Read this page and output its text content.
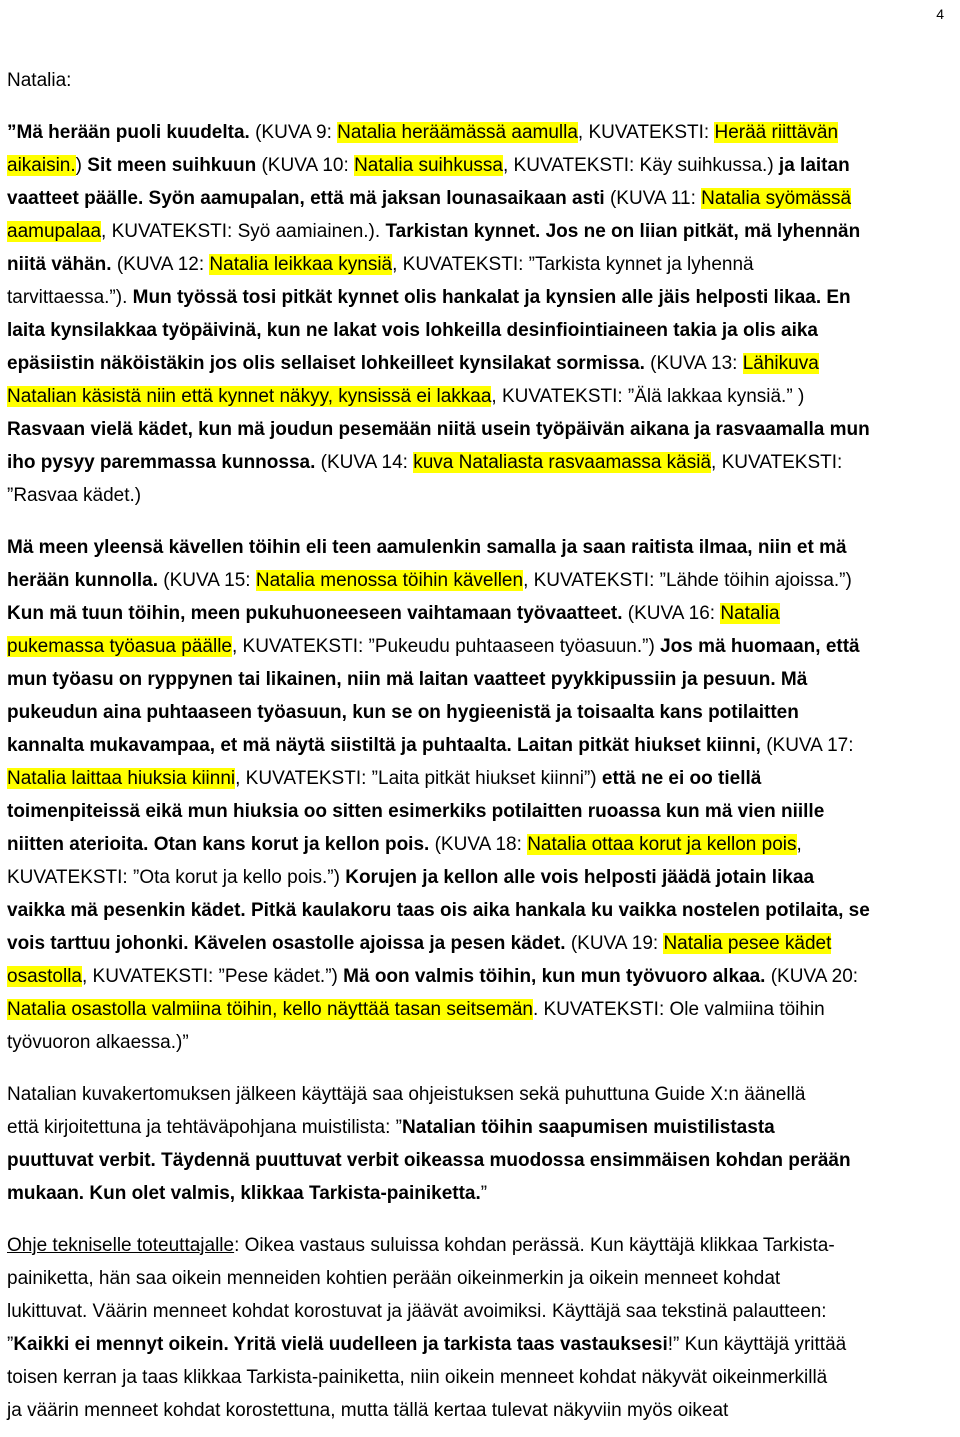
4
Natalia:
”Mä herään puoli kuudelta. (KUVA 9: Natalia heräämässä aamulla, KUVATEKSTI: Herää riittävän
aikaisin.) Sit meen suihkuun (KUVA 10: Natalia suihkussa, KUVATEKSTI: Käy suihkussa.) ja laitan
vaatteet päälle. Syön aamupalan, että mä jaksan lounasaikaan asti (KUVA 11: Natalia syömässä
aamupalaa, KUVATEKSTI: Syö aamiainen.). Tarkistan kynnet. Jos ne on liian pitkät, mä lyhennän
niitä vähän. (KUVA 12: Natalia leikkaa kynsiä, KUVATEKSTI: ”Tarkista kynnet ja lyhennä
tarvittaessa.”). Mun työssä tosi pitkät kynnet olis hankalat ja kynsien alle jäis helposti likaa. En
laita kynsilakkaa työpäivinä, kun ne lakat vois lohkeilla desinfiointiaineen takia ja olis aika
epäsiistin näköistäkin jos olis sellaiset lohkeilleet kynsilakat sormissa. (KUVA 13: Lähikuva
Natalian käsistä niin että kynnet näkyy, kynsissä ei lakkaa, KUVATEKSTI: ”Älä lakkaa kynsiä.” )
Rasvaan vielä kädet, kun mä joudun pesemään niitä usein työpäivän aikana ja rasvaamalla mun
iho pysyy paremmassa kunnossa. (KUVA 14: kuva Nataliasta rasvaamassa käsiä, KUVATEKSTI:
”Rasvaa kädet.)
Mä meen yleensä kävellen töihin eli teen aamulenkin samalla ja saan raitista ilmaa, niin et mä
herään kunnolla. (KUVA 15: Natalia menossa töihin kävellen, KUVATEKSTI: ”Lähde töihin ajoissa.”)
Kun mä tuun töihin, meen pukuhuoneeseen vaihtamaan työvaatteet. (KUVA 16: Natalia
pukemassa työasua päälle, KUVATEKSTI: ”Pukeudu puhtaaseen työasuun.”) Jos mä huomaan, että
mun työasu on ryppynen tai likainen, niin mä laitan vaatteet pyykkipussiin ja pesuun. Mä
pukeudun aina puhtaaseen työasuun, kun se on hygieenistä ja toisaalta kans potilaitten
kannalta mukavampaa, et mä näytä siistiltä ja puhtaalta. Laitan pitkät hiukset kiinni, (KUVA 17:
Natalia laittaa hiuksia kiinni, KUVATEKSTI: ”Laita pitkät hiukset kiinni”) että ne ei oo tiellä
toimenpiteissä eikä mun hiuksia oo sitten esimerkiks potilaitten ruoassa kun mä vien niille
niitten aterioita. Otan kans korut ja kellon pois. (KUVA 18: Natalia ottaa korut ja kellon pois,
KUVATEKSTI: ”Ota korut ja kello pois.”) Korujen ja kellon alle vois helposti jäädä jotain likaa
vaikka mä pesenkin kädet. Pitkä kaulakoru taas ois aika hankala ku vaikka nostelen potilaita, se
vois tarttuu johonki. Kävelen osastolle ajoissa ja pesen kädet. (KUVA 19: Natalia pesee kädet
osastolla, KUVATEKSTI: ”Pese kädet.”) Mä oon valmis töihin, kun mun työvuoro alkaa. (KUVA 20:
Natalia osastolla valmiina töihin, kello näyttää tasan seitsemän. KUVATEKSTI: Ole valmiina töihin
työvuoron alkaessa.)”
Natalian kuvakertomuksen jälkeen käyttäjä saa ohjeistuksen sekä puhuttuna Guide X:n äänellä
että kirjoitettuna ja tehtäväpohjana muistilista: ”Natalian töihin saapumisen muistilistasta
puuttuvat verbit. Täydennä puuttuvat verbit oikeassa muodossa ensimmäisen kohdan perään
mukaan. Kun olet valmis, klikkaa Tarkista-painiketta.”
Ohje tekniselle toteuttajalle: Oikea vastaus suluissa kohdan perässä. Kun käyttäjä klikkaa Tarkista-
painiketta, hän saa oikein menneiden kohtien perään oikeinmerkin ja oikein menneet kohdat
lukittuvat. Väärin menneet kohdat korostuvat ja jäävät avoimiksi. Käyttäjä saa tekstinä palautteen:
”Kaikki ei mennyt oikein. Yritä vielä uudelleen ja tarkista taas vastauksesi!” Kun käyttäjä yrittää
toisen kerran ja taas klikkaa Tarkista-painiketta, niin oikein menneet kohdat näkyvät oikeinmerkillä
ja väärin menneet kohdat korostettuna, mutta tällä kertaa tulevat näkyviin myös oikeat
